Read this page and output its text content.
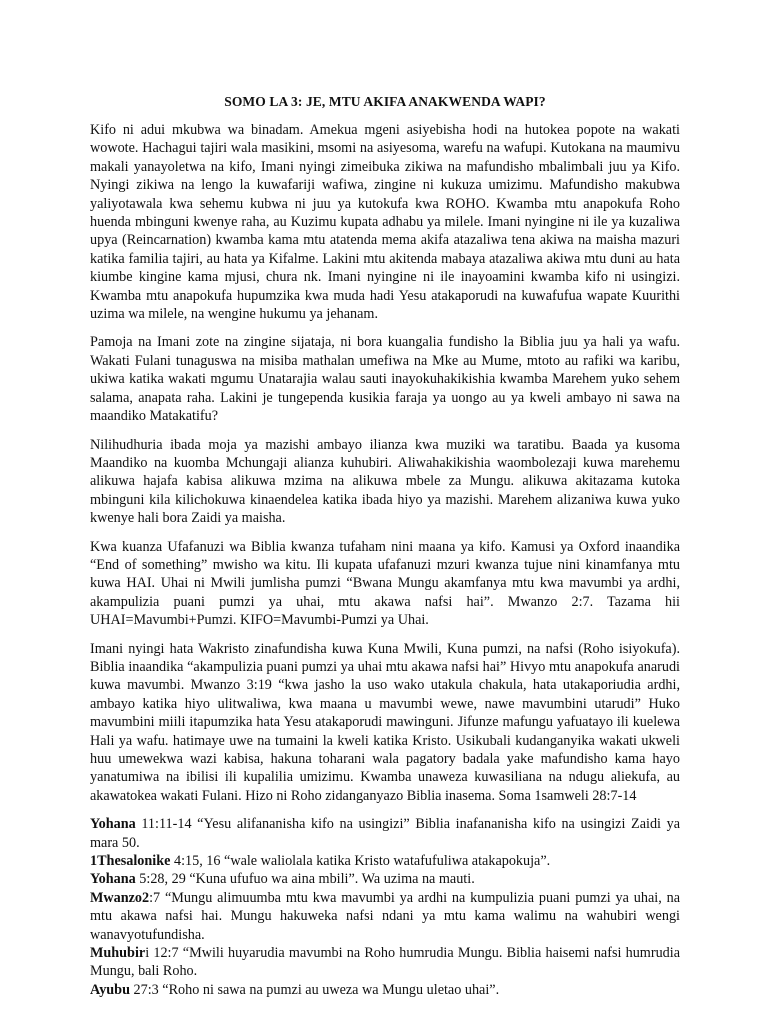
SOMO LA 3: JE, MTU AKIFA ANAKWENDA WAPI?

Kifo ni adui mkubwa wa binadam. Amekua mgeni asiyebisha hodi na hutokea popote na wakati wowote. Hachagui tajiri wala masikini, msomi na asiyesoma, warefu na wafupi. Kutokana na maumivu makali yanayoletwa na kifo, Imani nyingi zimeibuka zikiwa na mafundisho mbalimbali juu ya Kifo. Nyingi zikiwa na lengo la kuwafariji wafiwa, zingine ni kukuza umizimu. Mafundisho makubwa yaliyotawala kwa sehemu kubwa ni juu ya kutokufa kwa ROHO. Kwamba mtu anapokufa Roho huenda mbinguni kwenye raha, au Kuzimu kupata adhabu ya milele. Imani nyingine ni ile ya kuzaliwa upya (Reincarnation) kwamba kama mtu atatenda mema akifa atazaliwa tena akiwa na maisha mazuri katika familia tajiri, au hata ya Kifalme. Lakini mtu akitenda mabaya atazaliwa akiwa mtu duni au hata kiumbe kingine kama mjusi, chura nk. Imani nyingine ni ile inayoamini kwamba kifo ni usingizi. Kwamba mtu anapokufa hupumzika kwa muda hadi Yesu atakaporudi na kuwafufua wapate Kuurithi uzima wa milele, na wengine hukumu ya jehanam.

Pamoja na Imani zote na zingine sijataja, ni bora kuangalia fundisho la Biblia juu ya hali ya wafu. Wakati Fulani tunaguswa na misiba mathalan umefiwa na Mke au Mume, mtoto au rafiki wa karibu, ukiwa katika wakati mgumu Unatarajia walau sauti inayokuhakikishia kwamba Marehem yuko sehem salama, anapata raha. Lakini je tungependa kusikia faraja ya uongo au ya kweli ambayo ni sawa na maandiko Matakatifu?

Nilihudhuria ibada moja ya mazishi ambayo ilianza kwa muziki wa taratibu. Baada ya kusoma Maandiko na kuomba Mchungaji alianza kuhubiri. Aliwahakikishia waombolezaji kuwa marehemu alikuwa hajafa kabisa alikuwa mzima na alikuwa mbele za Mungu. alikuwa akitazama kutoka mbinguni kila kilichokuwa kinaendelea katika ibada hiyo ya mazishi. Marehem alizaniwa kuwa yuko kwenye hali bora Zaidi ya maisha.

Kwa kuanza Ufafanuzi wa Biblia kwanza tufaham nini maana ya kifo. Kamusi ya Oxford inaandika “End of something” mwisho wa kitu. Ili kupata ufafanuzi mzuri kwanza tujue nini kinamfanya mtu kuwa HAI. Uhai ni Mwili jumlisha pumzi “Bwana Mungu akamfanya mtu kwa mavumbi ya ardhi, akampulizia puani pumzi ya uhai, mtu akawa nafsi hai”. Mwanzo 2:7. Tazama hii UHAI=Mavumbi+Pumzi. KIFO=Mavumbi-Pumzi ya Uhai.

Imani nyingi hata Wakristo zinafundisha kuwa Kuna Mwili, Kuna pumzi, na nafsi (Roho isiyokufa). Biblia inaandika “akampulizia puani pumzi ya uhai mtu akawa nafsi hai” Hivyo mtu anapokufa anarudi kuwa mavumbi. Mwanzo 3:19 “kwa jasho la uso wako utakula chakula, hata utakaporiudia ardhi, ambayo katika hiyo ulitwaliwa, kwa maana u mavumbi wewe, nawe mavumbini utarudi” Huko mavumbini miili itapumzika hata Yesu atakaporudi mawinguni. Jifunze mafungu yafuatayo ili kuelewa Hali ya wafu. hatimaye uwe na tumaini la kweli katika Kristo. Usikubali kudanganyika wakati ukweli huu umewekwa wazi kabisa, hakuna toharani wala pagatory badala yake mafundisho kama hayo yanatumiwa na ibilisi ili kupalilia umizimu. Kwamba unaweza kuwasiliana na ndugu aliekufa, au akawatokea wakati Fulani. Hizo ni Roho zidanganyazo Biblia inasema. Soma 1samweli 28:7-14

Yohana 11:11-14 “Yesu alifananisha kifo na usingizi” Biblia inafananisha kifo na usingizi Zaidi ya mara 50.

1Thesalonike 4:15, 16 “wale waliolala katika Kristo watafufuliwa atakapokuja”.

Yohana 5:28, 29 “Kuna ufufuo wa aina mbili”. Wa uzima na mauti.

Mwanzo2:7 “Mungu alimuumba mtu kwa mavumbi ya ardhi na kumpulizia puani pumzi ya uhai, na mtu akawa nafsi hai. Mungu hakuweka nafsi ndani ya mtu kama walimu na wahubiri wengi wanavyotufundisha.

Muhubiri 12:7 “Mwili huyarudia mavumbi na Roho humrudia Mungu. Biblia haisemi nafsi humrudia Mungu, bali Roho.

Ayubu 27:3 “Roho ni sawa na pumzi au uweza wa Mungu uletao uhai”.
